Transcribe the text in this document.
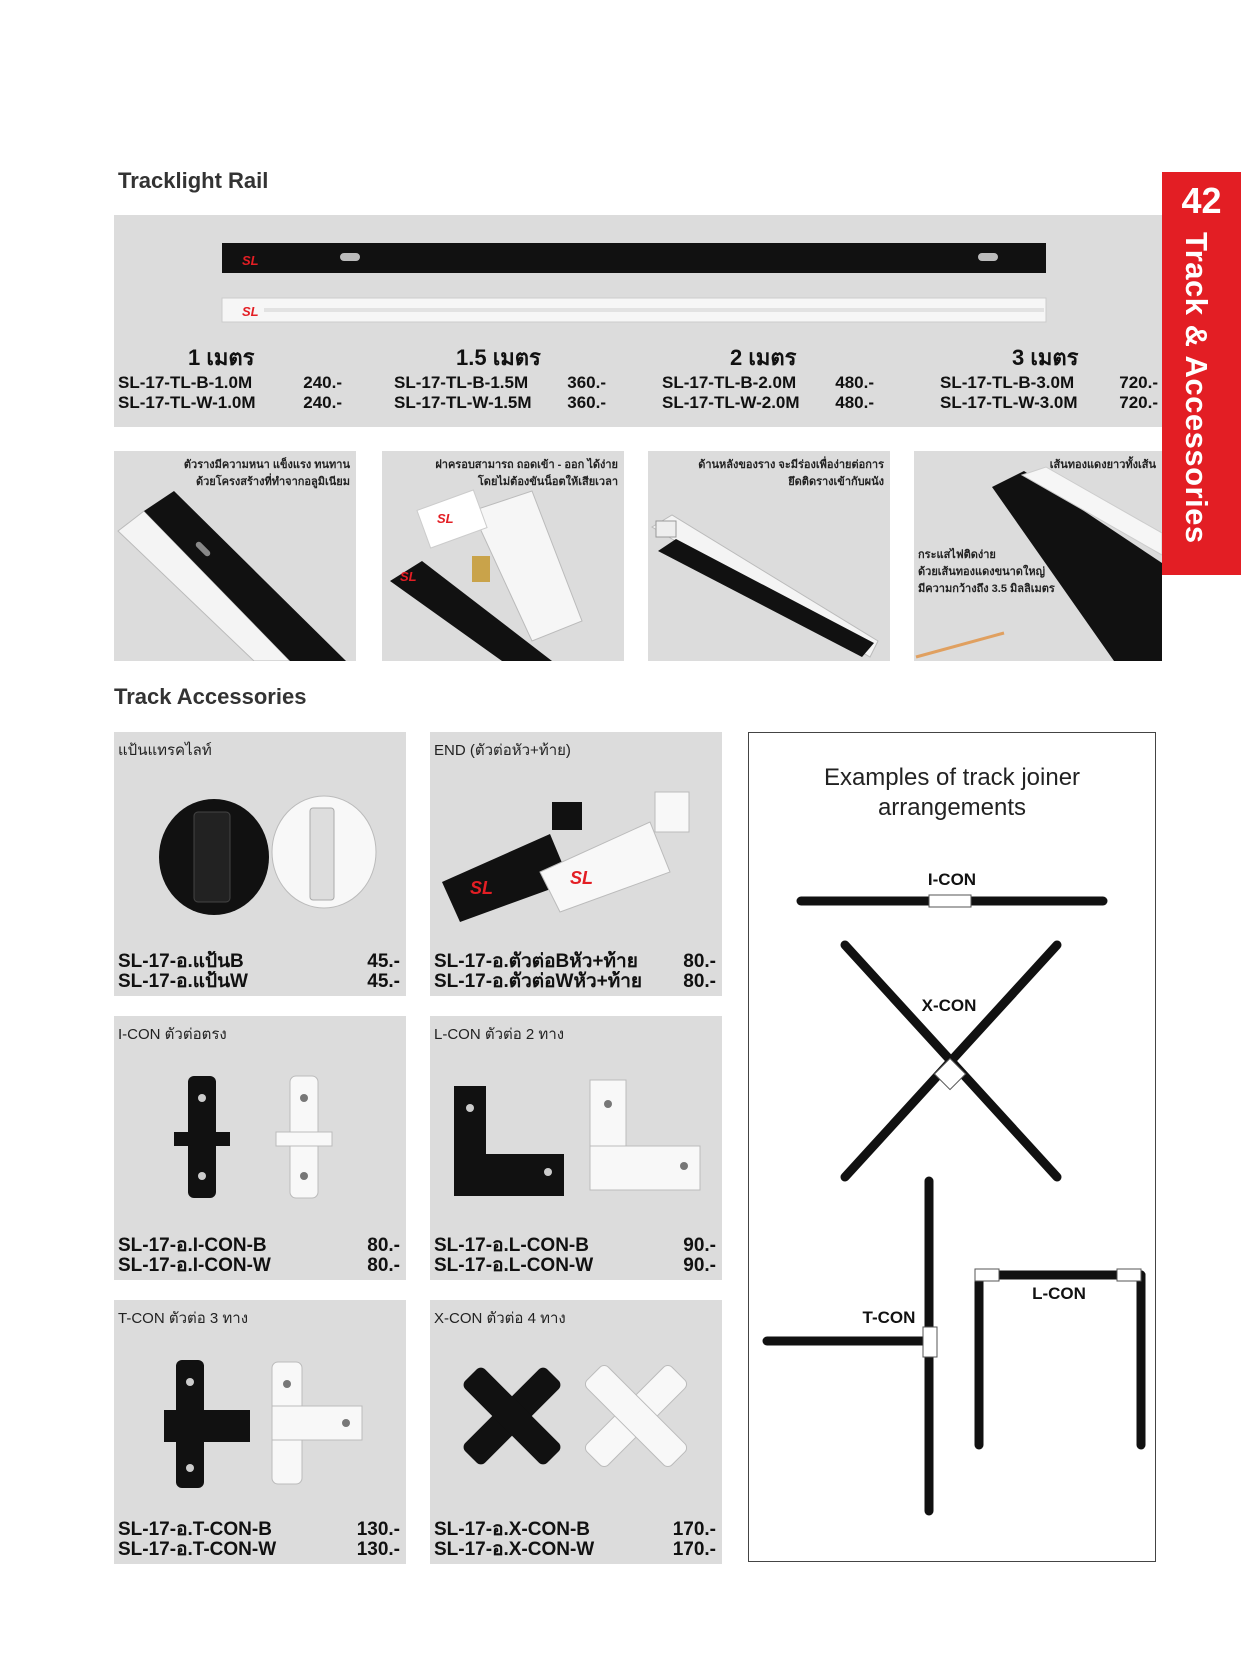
Tracklight Rail	42
Track & Accessories
SL
SL
1 เมตร	1.5 เมตร	2 เมตร	3 เมตร
SL-17-TL-B-1.0M	240.-
SL-17-TL-W-1.0M	240.-
SL-17-TL-B-1.5M 360.-
SL-17-TL-W-1.5M 360.-
SL-17-TL-B-2.0M 480.-
SL-17-TL-W-2.0M 480.-
SL-17-TL-B-3.0M	720.-
SL-17-TL-W-3.0M 720.-
ตัวรางมีความหนา แข็งแรง ทนทาน
ด้วยโครงสร้างที่ทำจากอลูมิเนียม
ฝาครอบสามารถ ถอดเข้า - ออก ได้ง่าย
โดยไม่ต้องขันน็อตให้เสียเวลา
SL
SL
ด้านหลังของราง จะมีร่องเพื่อง่ายต่อการ
ยึดติดรางเข้ากับผนัง
เส้นทองแดงยาวทั้งเส้น
กระแสไฟติดง่าย
ด้วยเส้นทองแดงขนาดใหญ่
มีความกว้างถึง 3.5 มิลลิเมตร
Track Accessories
แป้นแทรคไลท์
SL-17-อ.แป้นB	45.-
SL-17-อ.แป้นW	45.-
END (ตัวต่อหัว+ท้าย)
SL	SL
SL-17-อ.ตัวต่อBหัว+ท้าย 80.-
SL-17-อ.ตัวต่อWหัว+ท้าย 80.-
I-CON ตัวต่อตรง
SL-17-อ.I-CON-B	80.-
SL-17-อ.I-CON-W	80.-
L-CON ตัวต่อ 2 ทาง
SL-17-อ.L-CON-B	90.-
SL-17-อ.L-CON-W	90.-
T-CON ตัวต่อ 3 ทาง
SL-17-อ.T-CON-B	130.-
SL-17-อ.T-CON-W	130.-
X-CON ตัวต่อ 4 ทาง
SL-17-อ.X-CON-B	170.-
SL-17-อ.X-CON-W	170.-
Examples of track joiner
arrangements
I-CON
X-CON
T-CON
L-CON
